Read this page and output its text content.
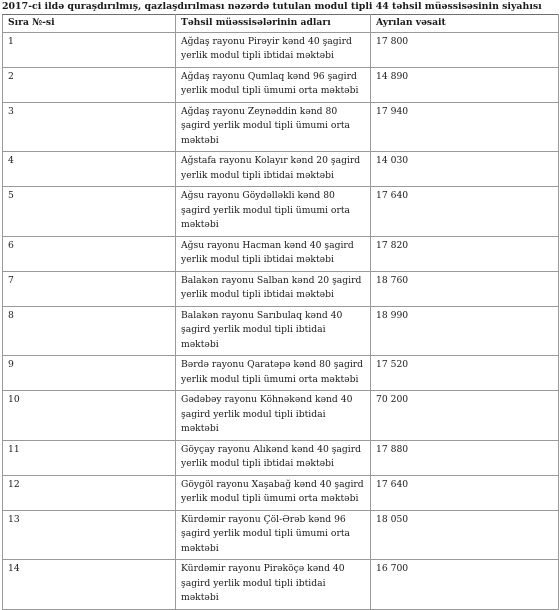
2017-ci ildə quraşdırılmış, qazlaşdırılması nəzərdə tutulan modul tipli 44 təhsil müəssisəsinin siyahısı
Sıra №-si	Təhsil müəssisələrinin adları	Ayrılan vəsait
1	Ağdaş rayonu Pirəyir kənd 40 şagird yerlik modul tipli ibtidai məktəbi	17 800
2	Ağdaş rayonu Qumlaq kənd 96 şagird yerlik modul tipli ümumi orta məktəbi	14 890
3	Ağdaş rayonu Zeynəddin kənd 80 şagird yerlik modul tipli ümumi orta məktəbi	17 940
4	Ağstafa rayonu Kolayır kənd 20 şagird yerlik modul tipli ibtidai məktəbi	14 030
5	Ağsu rayonu Göydəlləkli kənd 80 şagird yerlik modul tipli ümumi orta məktəbi	17 640
6	Ağsu rayonu Hacman kənd 40 şagird yerlik modul tipli ibtidai məktəbi	17 820
7	Balakən rayonu Salban kənd 20 şagird yerlik modul tipli ibtidai məktəbi	18 760
8	Balakən rayonu Sarıbulaq kənd 40 şagird yerlik modul tipli ibtidai məktəbi	18 990
9	Bərdə rayonu Qaratəpə kənd 80 şagird yerlik modul tipli ümumi orta məktəbi	17 520
10	Gədəbəy rayonu Köhnəkənd kənd 40 şagird yerlik modul tipli ibtidai məktəbi	70 200
11	Göyçay rayonu Alıkənd kənd 40 şagird yerlik modul tipli ibtidai məktəbi	17 880
12	Göygöl rayonu Xaşabağ kənd 40 şagird yerlik modul tipli ümumi orta məktəbi	17 640
13	Kürdəmir rayonu Çöl-Ərəb kənd 96 şagird yerlik modul tipli ümumi orta məktəbi	18 050
14	Kürdəmir rayonu Pirəköçə kənd 40 şagird yerlik modul tipli ibtidai məktəbi	16 700
